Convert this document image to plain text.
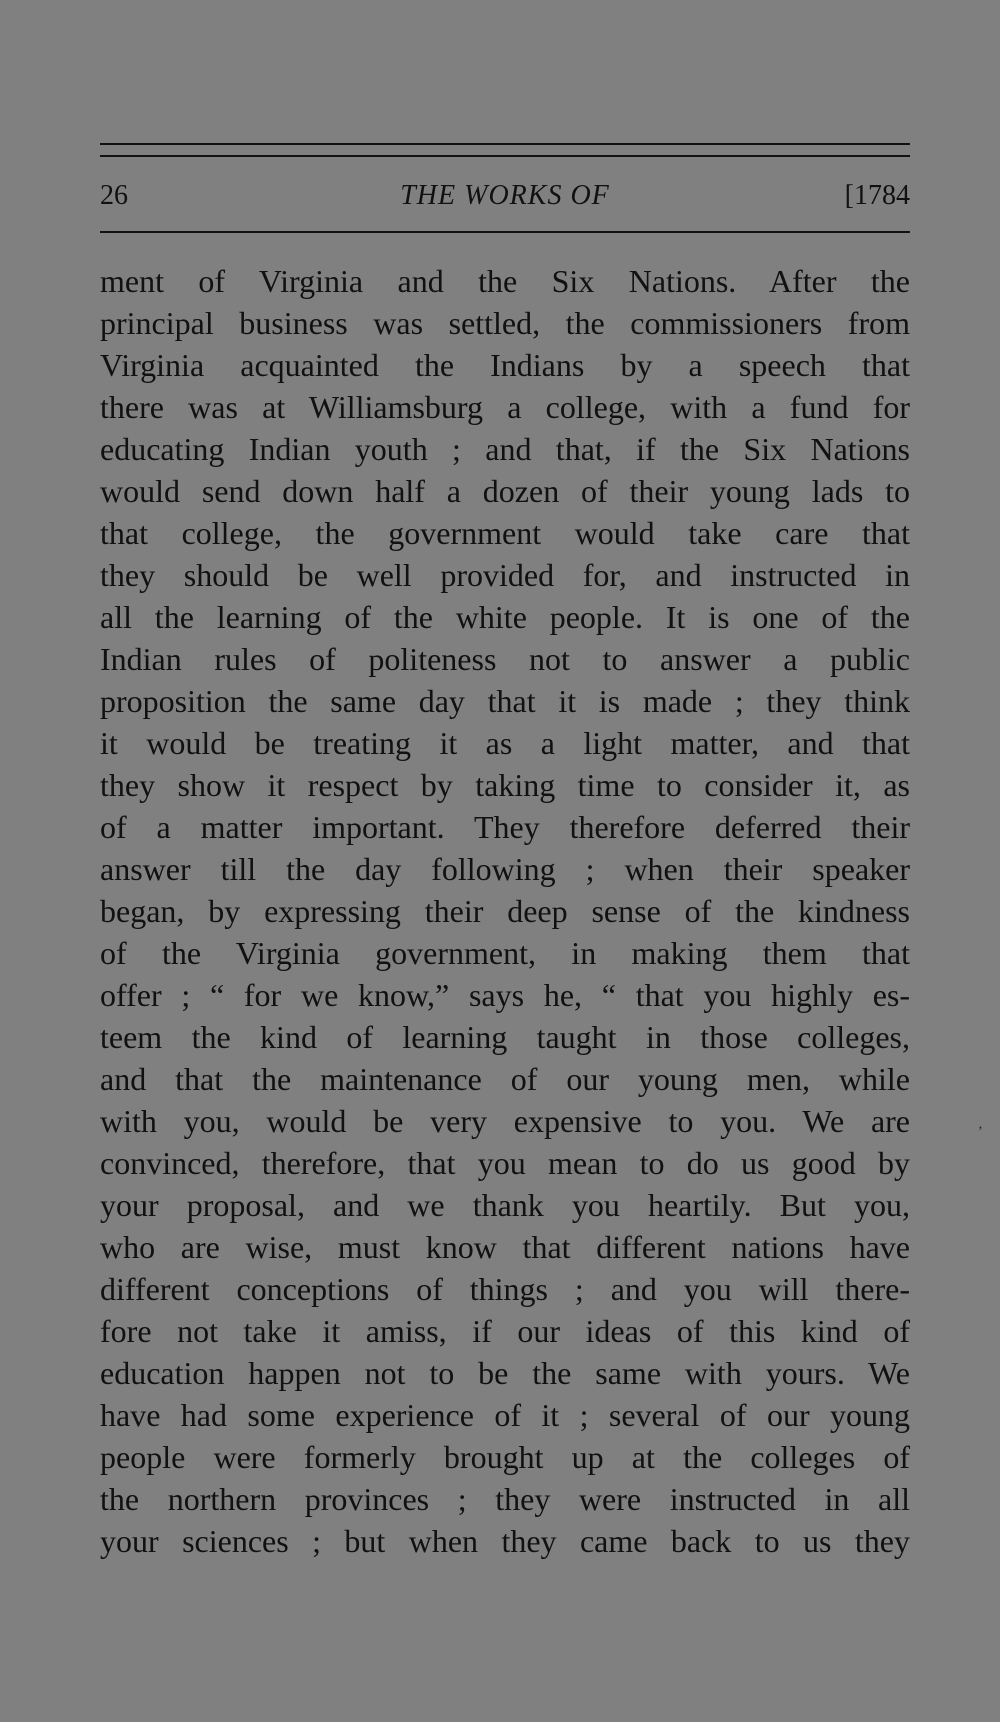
26	THE WORKS OF	[1784
ment of Virginia and the Six Nations. After the
principal business was settled, the commissioners from
Virginia acquainted the Indians by a speech that
there was at Williamsburg a college, with a fund for
educating Indian youth ; and that, if the Six Nations
would send down half a dozen of their young lads to
that college, the government would take care that
they should be well provided for, and instructed in
all the learning of the white people. It is one of the
Indian rules of politeness not to answer a public
proposition the same day that it is made ; they think
it would be treating it as a light matter, and that
they show it respect by taking time to consider it, as
of a matter important. They therefore deferred their
answer till the day following ; when their speaker
began, by expressing their deep sense of the kindness
of the Virginia government, in making them that
offer ; “ for we know,” says he, “ that you highly es-
teem the kind of learning taught in those colleges,
and that the maintenance of our young men, while
with you, would be very expensive to you. We are
convinced, therefore, that you mean to do us good by
your proposal, and we thank you heartily. But you,
who are wise, must know that different nations have
different conceptions of things ; and you will there-
fore not take it amiss, if our ideas of this kind of
education happen not to be the same with yours. We
have had some experience of it ; several of our young
people were formerly brought up at the colleges of
the northern provinces ; they were instructed in all
your sciences ; but when they came back to us they
‚
